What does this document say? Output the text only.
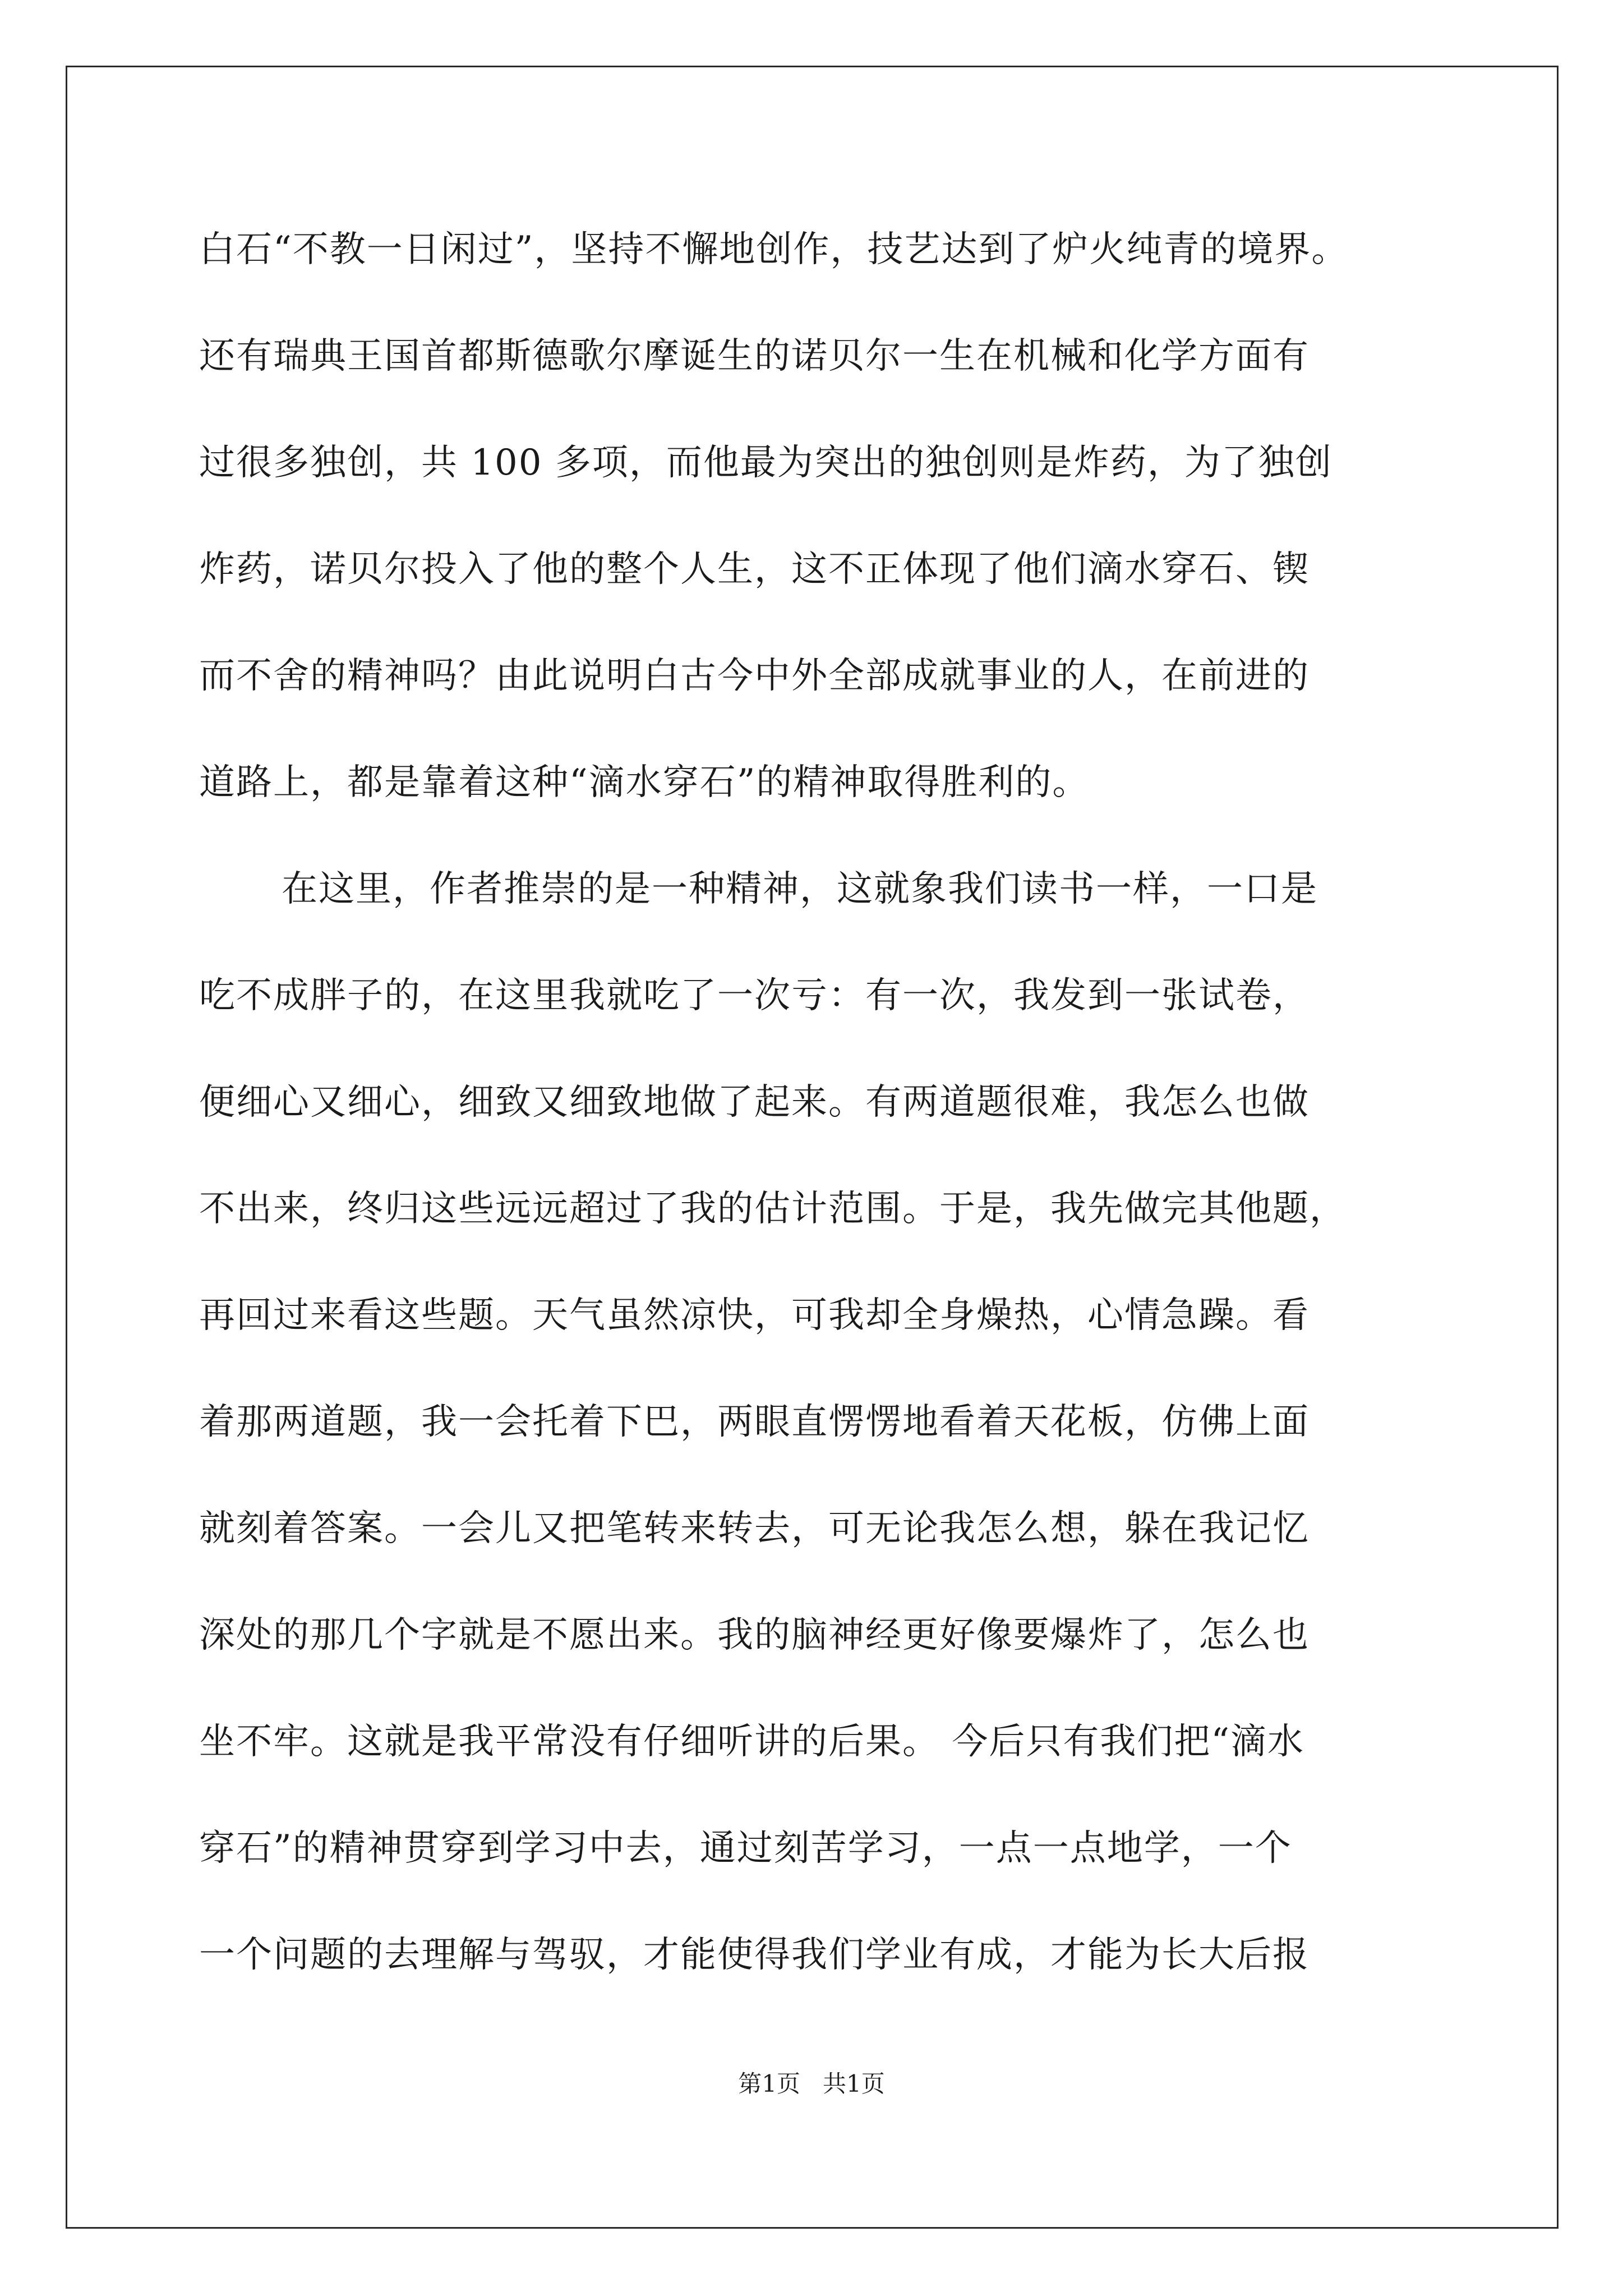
白石“不教一日闲过”，坚持不懈地创作，技艺达到了炉火纯青的境界。
还有瑞典王国首都斯德歌尔摩诞生的诺贝尔一生在机械和化学方面有
过很多独创，共 100 多项，而他最为突出的独创则是炸药，为了独创
炸药，诺贝尔投入了他的整个人生，这不正体现了他们滴水穿石、锲
而不舍的精神吗？由此说明白古今中外全部成就事业的人，在前进的
道路上，都是靠着这种“滴水穿石”的精神取得胜利的。
在这里，作者推崇的是一种精神，这就象我们读书一样，一口是
吃不成胖子的，在这里我就吃了一次亏：有一次，我发到一张试卷，
便细心又细心，细致又细致地做了起来。有两道题很难，我怎么也做
不出来，终归这些远远超过了我的估计范围。于是，我先做完其他题，
再回过来看这些题。天气虽然凉快，可我却全身燥热，心情急躁。看
着那两道题，我一会托着下巴，两眼直愣愣地看着天花板，仿佛上面
就刻着答案。一会儿又把笔转来转去，可无论我怎么想，躲在我记忆
深处的那几个字就是不愿出来。我的脑神经更好像要爆炸了，怎么也
坐不牢。这就是我平常没有仔细听讲的后果。 今后只有我们把“滴水
穿石”的精神贯穿到学习中去，通过刻苦学习，一点一点地学，一个
一个问题的去理解与驾驭，才能使得我们学业有成，才能为长大后报
第1页   共1页
